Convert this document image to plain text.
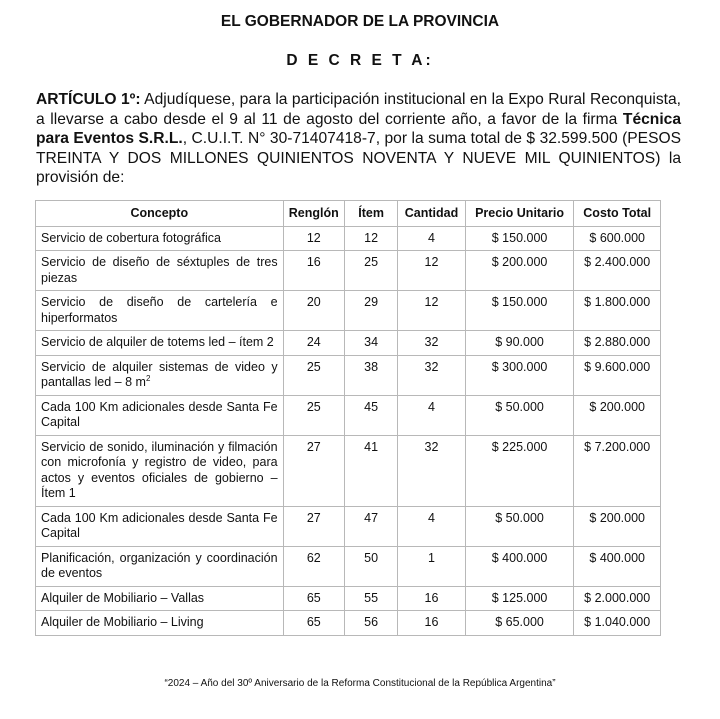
EL GOBERNADOR DE LA PROVINCIA
D E C R E T A:
ARTÍCULO 1º: Adjudíquese, para la participación institucional en la Expo Rural Reconquista, a llevarse a cabo desde el 9 al 11 de agosto del corriente año, a favor de la firma Técnica para Eventos S.R.L., C.U.I.T. N° 30-71407418-7, por la suma total de $ 32.599.500 (PESOS TREINTA Y DOS MILLONES QUINIENTOS NOVENTA Y NUEVE MIL QUINIENTOS) la provisión de:
Concepto	Renglón	Ítem	Cantidad	Precio Unitario	Costo Total
Servicio de cobertura fotográfica	12	12	4	$ 150.000	$ 600.000
Servicio de diseño de séxtuples de tres piezas	16	25	12	$ 200.000	$ 2.400.000
Servicio de diseño de cartelería e hiperformatos	20	29	12	$ 150.000	$ 1.800.000
Servicio de alquiler de totems led – ítem 2	24	34	32	$ 90.000	$ 2.880.000
Servicio de alquiler sistemas de video y pantallas led – 8 $m^2$	25	38	32	$ 300.000	$ 9.600.000
Cada 100 Km adicionales desde Santa Fe Capital	25	45	4	$ 50.000	$ 200.000
Servicio de sonido, iluminación y filmación con microfonía y registro de video, para actos y eventos oficiales de gobierno – Ítem 1	27	41	32	$ 225.000	$ 7.200.000
Cada 100 Km adicionales desde Santa Fe Capital	27	47	4	$ 50.000	$ 200.000
Planificación, organización y coordinación de eventos	62	50	1	$ 400.000	$ 400.000
Alquiler de Mobiliario – Vallas	65	55	16	$ 125.000	$ 2.000.000
Alquiler de Mobiliario – Living	65	56	16	$ 65.000	$ 1.040.000
“2024 – Año del 30º Aniversario de la Reforma Constitucional de la República Argentina”
